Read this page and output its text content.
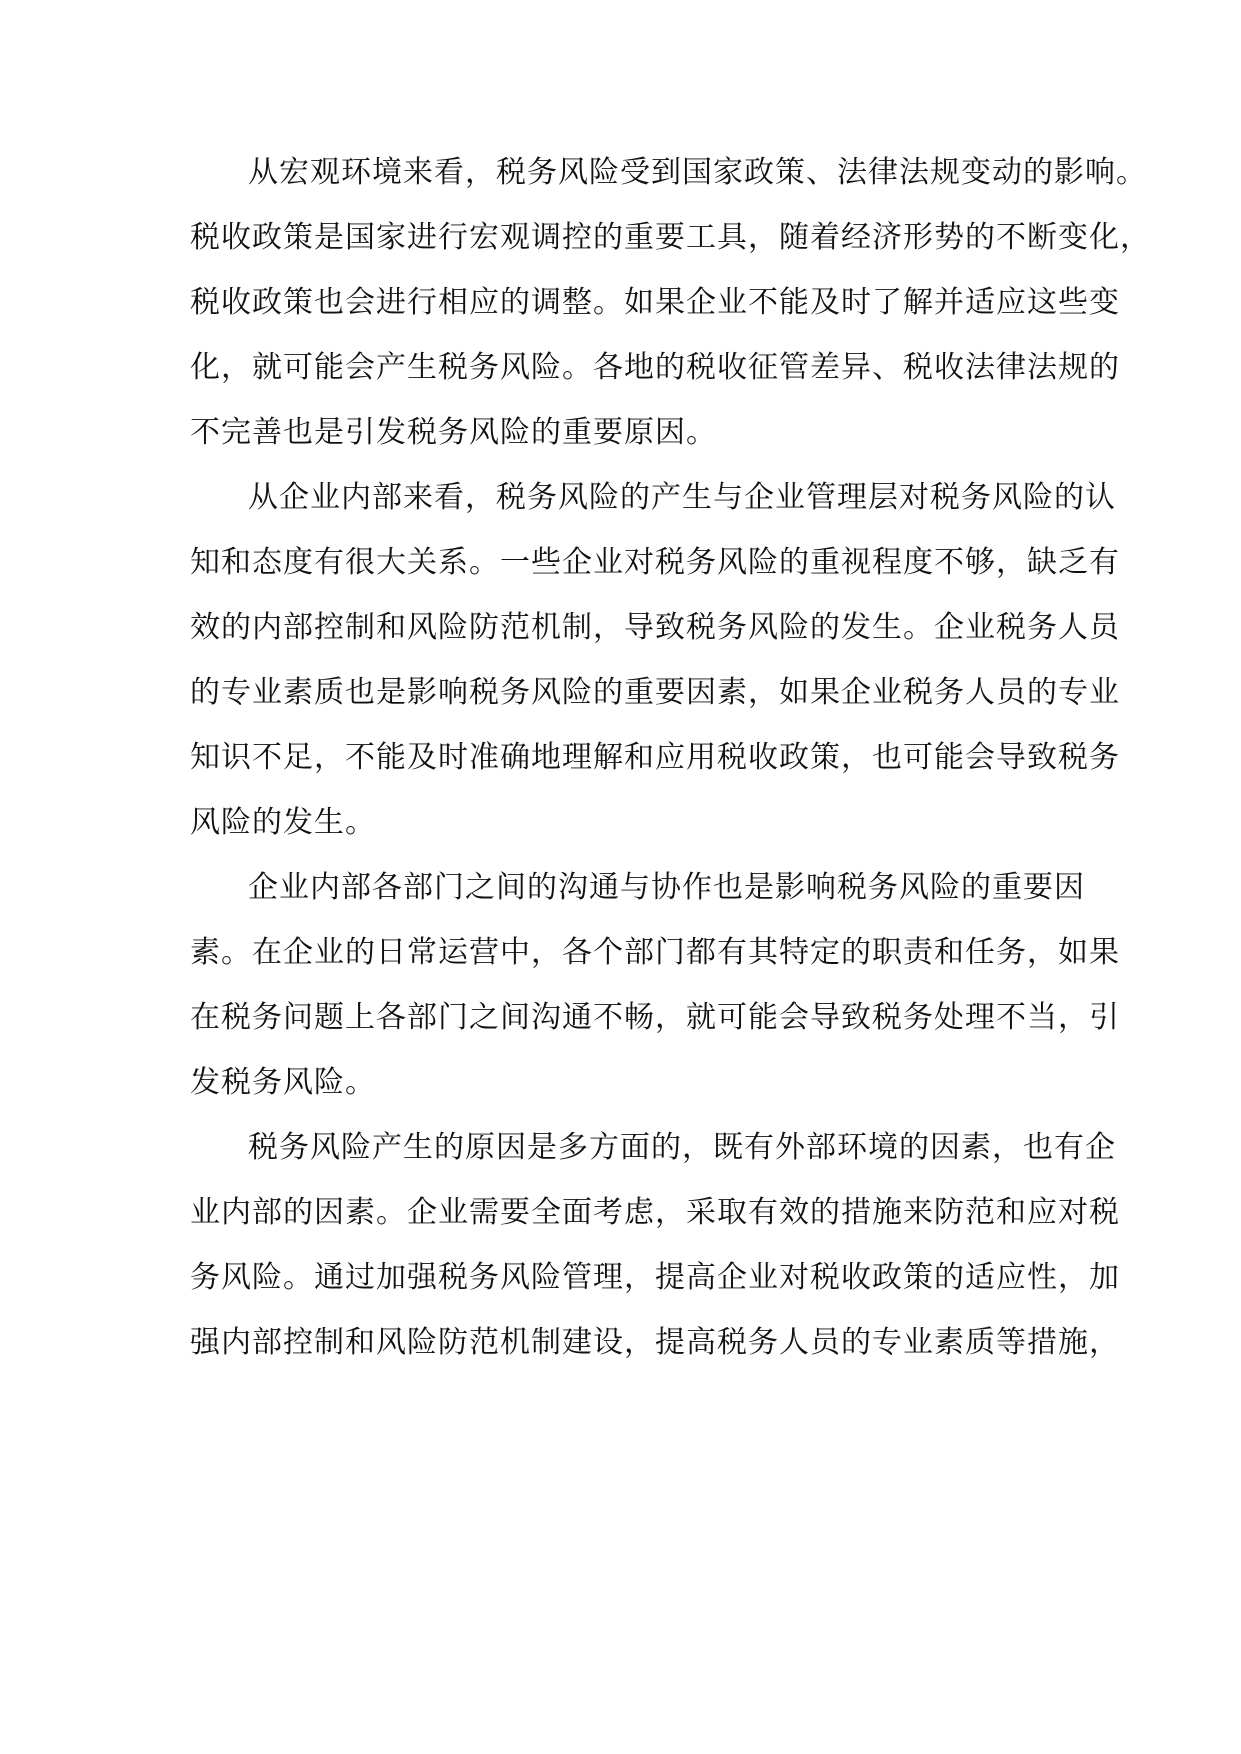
从宏观环境来看，税务风险受到国家政策、法律法规变动的影响。
税收政策是国家进行宏观调控的重要工具，随着经济形势的不断变化，
税收政策也会进行相应的调整。如果企业不能及时了解并适应这些变
化，就可能会产生税务风险。各地的税收征管差异、税收法律法规的
不完善也是引发税务风险的重要原因。
从企业内部来看，税务风险的产生与企业管理层对税务风险的认
知和态度有很大关系。一些企业对税务风险的重视程度不够，缺乏有
效的内部控制和风险防范机制，导致税务风险的发生。企业税务人员
的专业素质也是影响税务风险的重要因素，如果企业税务人员的专业
知识不足，不能及时准确地理解和应用税收政策，也可能会导致税务
风险的发生。
企业内部各部门之间的沟通与协作也是影响税务风险的重要因
素。在企业的日常运营中，各个部门都有其特定的职责和任务，如果
在税务问题上各部门之间沟通不畅，就可能会导致税务处理不当，引
发税务风险。
税务风险产生的原因是多方面的，既有外部环境的因素，也有企
业内部的因素。企业需要全面考虑，采取有效的措施来防范和应对税
务风险。通过加强税务风险管理，提高企业对税收政策的适应性，加
强内部控制和风险防范机制建设，提高税务人员的专业素质等措施，
